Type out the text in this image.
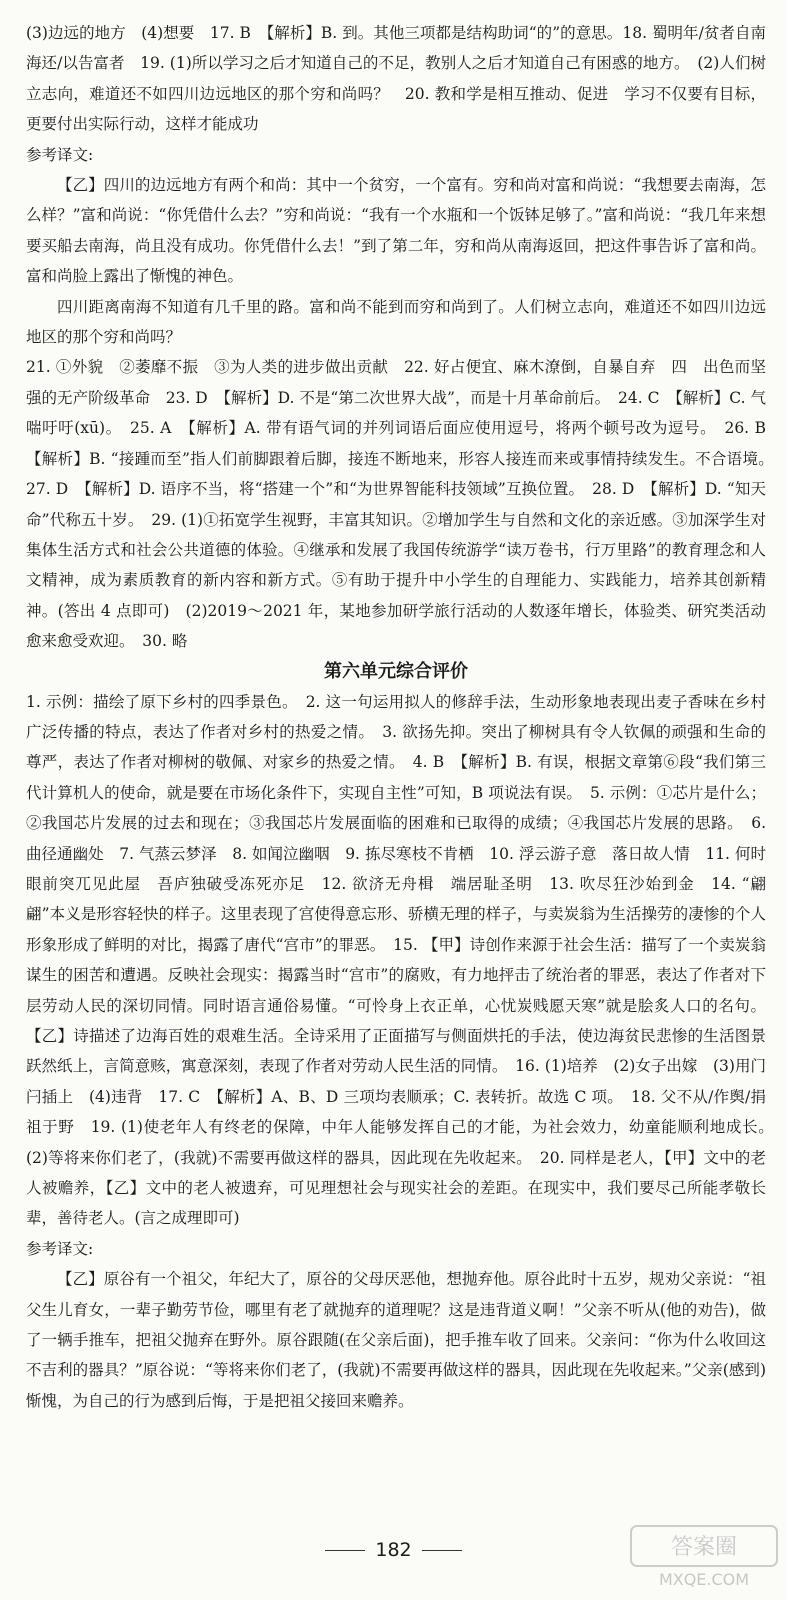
(3)边远的地方　(4)想要　17. B　【解析】B. 到。其他三项都是结构助词“的”的意思。18. 蜀明年/贫者自南海还/以告富者　19. (1)所以学习之后才知道自己的不足，教别人之后才知道自己有困惑的地方。　(2)人们树立志向，难道还不如四川边远地区的那个穷和尚吗？　20. 教和学是相互推动、促进　学习不仅要有目标，更要付出实际行动，这样才能成功

参考译文:

【乙】四川的边远地方有两个和尚：其中一个贫穷，一个富有。穷和尚对富和尚说：“我想要去南海，怎么样？”富和尚说：“你凭借什么去？”穷和尚说：“我有一个水瓶和一个饭钵足够了。”富和尚说：“我几年来想要买船去南海，尚且没有成功。你凭借什么去！”到了第二年，穷和尚从南海返回，把这件事告诉了富和尚。富和尚脸上露出了惭愧的神色。

四川距离南海不知道有几千里的路。富和尚不能到而穷和尚到了。人们树立志向，难道还不如四川边远地区的那个穷和尚吗？

21. ①外貌　②萎靡不振　③为人类的进步做出贡献　22. 好占便宜、麻木潦倒，自暴自弃　四　出色而坚强的无产阶级革命　23. D　【解析】D. 不是“第二次世界大战”，而是十月革命前后。　24. C　【解析】C. 气喘吁吁(xū)。　25. A　【解析】A. 带有语气词的并列词语后面应使用逗号，将两个顿号改为逗号。　26. B　【解析】B. “接踵而至”指人们前脚跟着后脚，接连不断地来，形容人接连而来或事情持续发生。不合语境。　27. D　【解析】D. 语序不当，将“搭建一个”和“为世界智能科技领域”互换位置。　28. D　【解析】D. “知天命”代称五十岁。　29. (1)①拓宽学生视野，丰富其知识。②增加学生与自然和文化的亲近感。③加深学生对集体生活方式和社会公共道德的体验。④继承和发展了我国传统游学“读万卷书，行万里路”的教育理念和人文精神，成为素质教育的新内容和新方式。⑤有助于提升中小学生的自理能力、实践能力，培养其创新精神。(答出 4 点即可)　(2)2019～2021 年，某地参加研学旅行活动的人数逐年增长，体验类、研究类活动愈来愈受欢迎。　30. 略

第六单元综合评价

1. 示例：描绘了原下乡村的四季景色。　2. 这一句运用拟人的修辞手法，生动形象地表现出麦子香味在乡村广泛传播的特点，表达了作者对乡村的热爱之情。　3. 欲扬先抑。突出了柳树具有令人钦佩的顽强和生命的尊严，表达了作者对柳树的敬佩、对家乡的热爱之情。　4. B　【解析】B. 有误，根据文章第⑥段“我们第三代计算机人的使命，就是要在市场化条件下，实现自主性”可知，B 项说法有误。　5. 示例：①芯片是什么；②我国芯片发展的过去和现在；③我国芯片发展面临的困难和已取得的成绩；④我国芯片发展的思路。　6. 曲径通幽处　7. 气蒸云梦泽　8. 如闻泣幽咽　9. 拣尽寒枝不肯栖　10. 浮云游子意　落日故人情　11. 何时眼前突兀见此屋　吾庐独破受冻死亦足　12. 欲济无舟楫　端居耻圣明　13. 吹尽狂沙始到金　14. “翩翩”本义是形容轻快的样子。这里表现了宫使得意忘形、骄横无理的样子，与卖炭翁为生活操劳的凄惨的个人形象形成了鲜明的对比，揭露了唐代“宫市”的罪恶。　15. 【甲】诗创作来源于社会生活：描写了一个卖炭翁谋生的困苦和遭遇。反映社会现实：揭露当时“宫市”的腐败，有力地抨击了统治者的罪恶，表达了作者对下层劳动人民的深切同情。同时语言通俗易懂。“可怜身上衣正单，心忧炭贱愿天寒”就是脍炙人口的名句。【乙】诗描述了边海百姓的艰难生活。全诗采用了正面描写与侧面烘托的手法，使边海贫民悲惨的生活图景跃然纸上，言简意赅，寓意深刻，表现了作者对劳动人民生活的同情。　16. (1)培养　(2)女子出嫁　(3)用门闩插上　(4)违背　17. C　【解析】A、B、D 三项均表顺承；C. 表转折。故选 C 项。　18. 父不从/作舆/捐祖于野　19. (1)使老年人有终老的保障，中年人能够发挥自己的才能，为社会效力，幼童能顺利地成长。　(2)等将来你们老了，(我就)不需要再做这样的器具，因此现在先收起来。　20. 同样是老人，【甲】文中的老人被赡养，【乙】文中的老人被遗弃，可见理想社会与现实社会的差距。在现实中，我们要尽己所能孝敬长辈，善待老人。(言之成理即可)

参考译文:

【乙】原谷有一个祖父，年纪大了，原谷的父母厌恶他，想抛弃他。原谷此时十五岁，规劝父亲说：“祖父生儿育女，一辈子勤劳节俭，哪里有老了就抛弃的道理呢？这是违背道义啊！”父亲不听从(他的劝告)，做了一辆手推车，把祖父抛弃在野外。原谷跟随(在父亲后面)，把手推车收了回来。父亲问：“你为什么收回这不吉利的器具？”原谷说：“等将来你们老了，(我就)不需要再做这样的器具，因此现在先收起来。”父亲(感到)惭愧，为自己的行为感到后悔，于是把祖父接回来赡养。

182	答案圈
MXQE.COM
